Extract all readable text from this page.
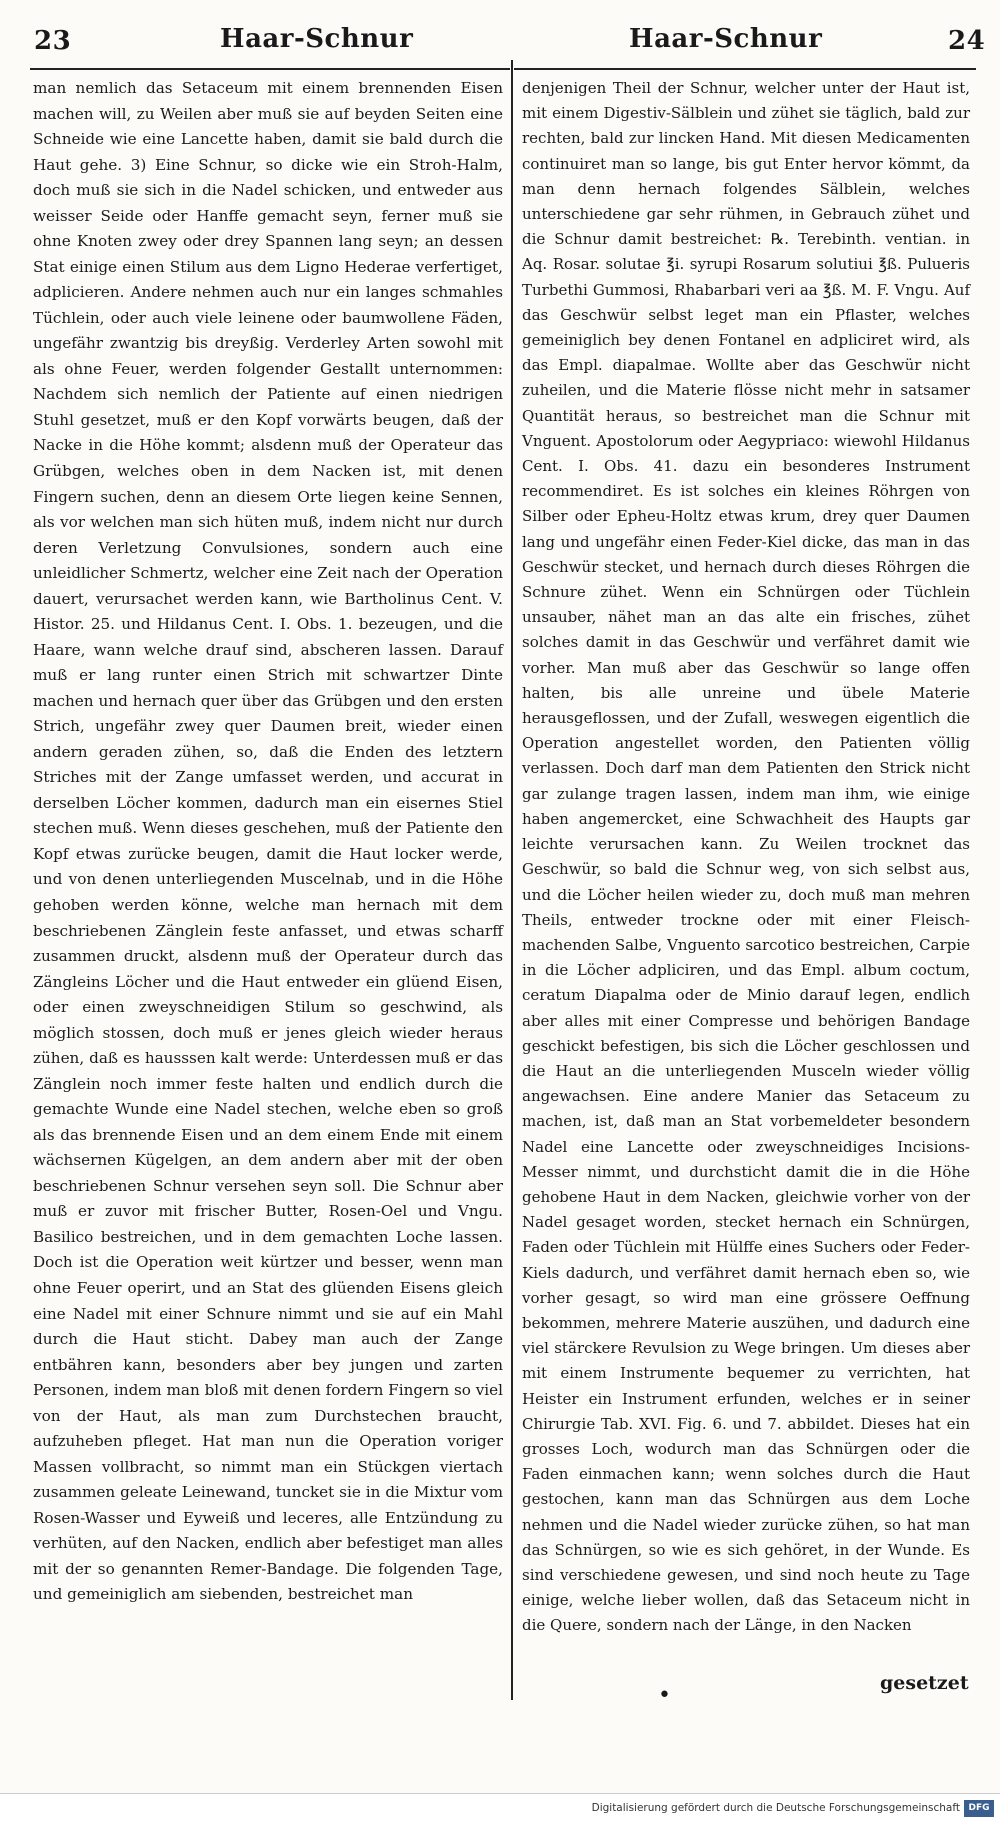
23	Haar-Schnur	Haar-Schnur	24

man nemlich das Setaceum mit einem brennenden Eisen machen will, zu Weilen aber muß sie auf beyden Seiten eine Schneide wie eine Lancette haben, damit sie bald durch die Haut gehe. 3) Eine Schnur, so dicke wie ein Stroh-Halm, doch muß sie sich in die Nadel schicken, und entweder aus weisser Seide oder Hanffe gemacht seyn, ferner muß sie ohne Knoten zwey oder drey Spannen lang seyn; an dessen Stat einige einen Stilum aus dem Ligno Hederae verfertiget, adplicieren. Andere nehmen auch nur ein langes schmahles Tüchlein, oder auch viele leinene oder baumwollene Fäden, ungefähr zwantzig bis dreyßig. Verderley Arten sowohl mit als ohne Feuer, werden folgender Gestallt unternommen: Nachdem sich nemlich der Patiente auf einen niedrigen Stuhl gesetzet, muß er den Kopf vorwärts beugen, daß der Nacke in die Höhe kommt; alsdenn muß der Operateur das Grübgen, welches oben in dem Nacken ist, mit denen Fingern suchen, denn an diesem Orte liegen keine Sennen, als vor welchen man sich hüten muß, indem nicht nur durch deren Verletzung Convulsiones, sondern auch eine unleidlicher Schmertz, welcher eine Zeit nach der Operation dauert, verursachet werden kann, wie Bartholinus Cent. V. Histor. 25. und Hildanus Cent. I. Obs. 1. bezeugen, und die Haare, wann welche drauf sind, abscheren lassen. Darauf muß er lang runter einen Strich mit schwartzer Dinte machen und hernach quer über das Grübgen und den ersten Strich, ungefähr zwey quer Daumen breit, wieder einen andern geraden zühen, so, daß die Enden des letztern Striches mit der Zange umfasset werden, und accurat in derselben Löcher kommen, dadurch man ein eisernes Stiel stechen muß. Wenn dieses geschehen, muß der Patiente den Kopf etwas zurücke beugen, damit die Haut locker werde, und von denen unterliegenden Muscelnab, und in die Höhe gehoben werden könne, welche man hernach mit dem beschriebenen Zänglein feste anfasset, und etwas scharff zusammen druckt, alsdenn muß der Operateur durch das Zängleins Löcher und die Haut entweder ein glüend Eisen, oder einen zweyschneidigen Stilum so geschwind, als möglich stossen, doch muß er jenes gleich wieder heraus zühen, daß es hausssen kalt werde: Unterdessen muß er das Zänglein noch immer feste halten und endlich durch die gemachte Wunde eine Nadel stechen, welche eben so groß als das brennende Eisen und an dem einem Ende mit einem wächsernen Kügelgen, an dem andern aber mit der oben beschriebenen Schnur versehen seyn soll. Die Schnur aber muß er zuvor mit frischer Butter, Rosen-Oel und Vngu. Basilico bestreichen, und in dem gemachten Loche lassen. Doch ist die Operation weit kürtzer und besser, wenn man ohne Feuer operirt, und an Stat des glüenden Eisens gleich eine Nadel mit einer Schnure nimmt und sie auf ein Mahl durch die Haut sticht. Dabey man auch der Zange entbähren kann, besonders aber bey jungen und zarten Personen, indem man bloß mit denen fordern Fingern so viel von der Haut, als man zum Durchstechen braucht, aufzuheben pfleget. Hat man nun die Operation voriger Massen vollbracht, so nimmt man ein Stückgen viertach zusammen geleate Leinewand, tuncket sie in die Mixtur vom Rosen-Wasser und Eyweiß und leceres, alle Entzündung zu verhüten, auf den Nacken, endlich aber befestiget man alles mit der so genannten Remer-Bandage. Die folgenden Tage, und gemeiniglich am siebenden, bestreichet man

denjenigen Theil der Schnur, welcher unter der Haut ist, mit einem Digestiv-Sälblein und zühet sie täglich, bald zur rechten, bald zur lincken Hand. Mit diesen Medicamenten continuiret man so lange, bis gut Enter hervor kömmt, da man denn hernach folgendes Sälblein, welches unterschiedene gar sehr rühmen, in Gebrauch zühet und die Schnur damit bestreichet: ℞. Terebinth. ventian. in Aq. Rosar. solutae ℥i. syrupi Rosarum solutiui ℥ß. Pulueris Turbethi Gummosi, Rhabarbari veri aa ℥ß. M. F. Vngu. Auf das Geschwür selbst leget man ein Pflaster, welches gemeiniglich bey denen Fontanel en adpliciret wird, als das Empl. diapalmae. Wollte aber das Geschwür nicht zuheilen, und die Materie flösse nicht mehr in satsamer Quantität heraus, so bestreichet man die Schnur mit Vnguent. Apostolorum oder Aegypriaco: wiewohl Hildanus Cent. I. Obs. 41. dazu ein besonderes Instrument recommendiret. Es ist solches ein kleines Röhrgen von Silber oder Epheu-Holtz etwas krum, drey quer Daumen lang und ungefähr einen Feder-Kiel dicke, das man in das Geschwür stecket, und hernach durch dieses Röhrgen die Schnure zühet. Wenn ein Schnürgen oder Tüchlein unsauber, nähet man an das alte ein frisches, zühet solches damit in das Geschwür und verfähret damit wie vorher. Man muß aber das Geschwür so lange offen halten, bis alle unreine und übele Materie herausgeflossen, und der Zufall, weswegen eigentlich die Operation angestellet worden, den Patienten völlig verlassen. Doch darf man dem Patienten den Strick nicht gar zulange tragen lassen, indem man ihm, wie einige haben angemercket, eine Schwachheit des Haupts gar leichte verursachen kann. Zu Weilen trocknet das Geschwür, so bald die Schnur weg, von sich selbst aus, und die Löcher heilen wieder zu, doch muß man mehren Theils, entweder trockne oder mit einer Fleisch-machenden Salbe, Vnguento sarcotico bestreichen, Carpie in die Löcher adpliciren, und das Empl. album coctum, ceratum Diapalma oder de Minio darauf legen, endlich aber alles mit einer Compresse und behörigen Bandage geschickt befestigen, bis sich die Löcher geschlossen und die Haut an die unterliegenden Musceln wieder völlig angewachsen. Eine andere Manier das Setaceum zu machen, ist, daß man an Stat vorbemeldeter besondern Nadel eine Lancette oder zweyschneidiges Incisions-Messer nimmt, und durchsticht damit die in die Höhe gehobene Haut in dem Nacken, gleichwie vorher von der Nadel gesaget worden, stecket hernach ein Schnürgen, Faden oder Tüchlein mit Hülffe eines Suchers oder Feder-Kiels dadurch, und verfähret damit hernach eben so, wie vorher gesagt, so wird man eine grössere Oeffnung bekommen, mehrere Materie auszühen, und dadurch eine viel stärckere Revulsion zu Wege bringen. Um dieses aber mit einem Instrumente bequemer zu verrichten, hat Heister ein Instrument erfunden, welches er in seiner Chirurgie Tab. XVI. Fig. 6. und 7. abbildet. Dieses hat ein grosses Loch, wodurch man das Schnürgen oder die Faden einmachen kann; wenn solches durch die Haut gestochen, kann man das Schnürgen aus dem Loche nehmen und die Nadel wieder zurücke zühen, so hat man das Schnürgen, so wie es sich gehöret, in der Wunde. Es sind verschiedene gewesen, und sind noch heute zu Tage einige, welche lieber wollen, daß das Setaceum nicht in die Quere, sondern nach der Länge, in den Nacken

•	gesetzet
Digitalisierung gefördert durch die Deutsche Forschungsgemeinschaft DFG
